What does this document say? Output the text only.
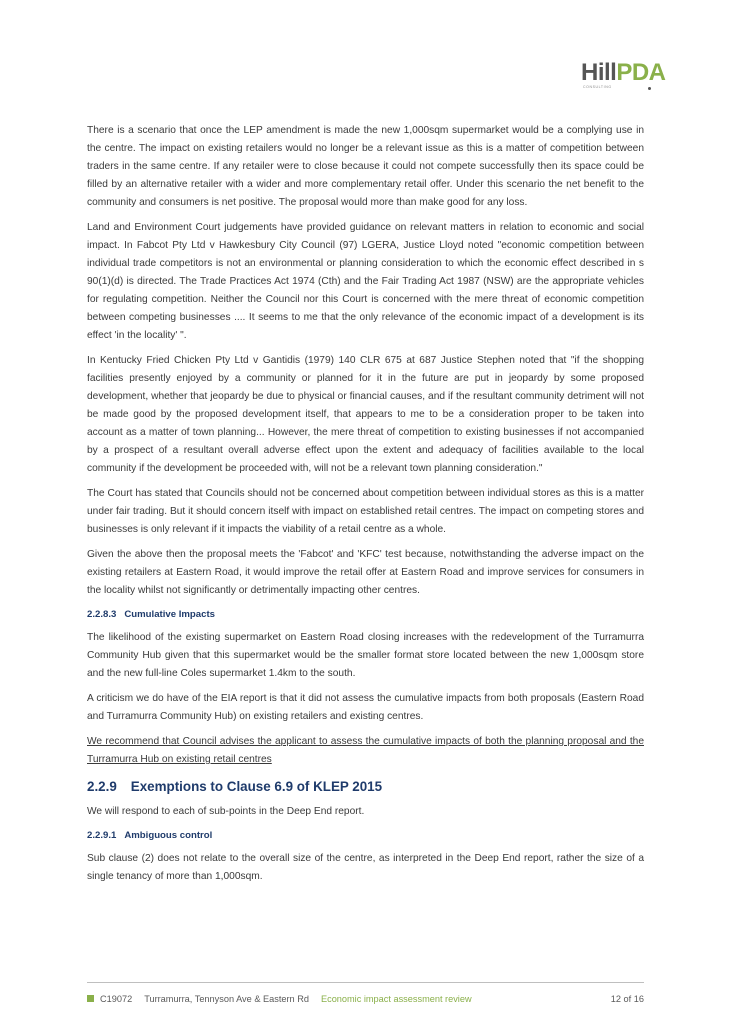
HillPDA
CONSULTING

There is a scenario that once the LEP amendment is made the new 1,000sqm supermarket would be a complying use in the centre. The impact on existing retailers would no longer be a relevant issue as this is a matter of competition between traders in the same centre. If any retailer were to close because it could not compete successfully then its space could be filled by an alternative retailer with a wider and more complementary retail offer. Under this scenario the net benefit to the community and consumers is net positive. The proposal would more than make good for any loss.

Land and Environment Court judgements have provided guidance on relevant matters in relation to economic and social impact. In Fabcot Pty Ltd v Hawkesbury City Council (97) LGERA, Justice Lloyd noted "economic competition between individual trade competitors is not an environmental or planning consideration to which the economic effect described in s 90(1)(d) is directed. The Trade Practices Act 1974 (Cth) and the Fair Trading Act 1987 (NSW) are the appropriate vehicles for regulating competition. Neither the Council nor this Court is concerned with the mere threat of economic competition between competing businesses .... It seems to me that the only relevance of the economic impact of a development is its effect 'in the locality' ".

In Kentucky Fried Chicken Pty Ltd v Gantidis (1979) 140 CLR 675 at 687 Justice Stephen noted that "if the shopping facilities presently enjoyed by a community or planned for it in the future are put in jeopardy by some proposed development, whether that jeopardy be due to physical or financial causes, and if the resultant community detriment will not be made good by the proposed development itself, that appears to me to be a consideration proper to be taken into account as a matter of town planning... However, the mere threat of competition to existing businesses if not accompanied by a prospect of a resultant overall adverse effect upon the extent and adequacy of facilities available to the local community if the development be proceeded with, will not be a relevant town planning consideration."

The Court has stated that Councils should not be concerned about competition between individual stores as this is a matter under fair trading. But it should concern itself with impact on established retail centres. The impact on competing stores and businesses is only relevant if it impacts the viability of a retail centre as a whole.

Given the above then the proposal meets the 'Fabcot' and 'KFC' test because, notwithstanding the adverse impact on the existing retailers at Eastern Road, it would improve the retail offer at Eastern Road and improve services for consumers in the locality whilst not significantly or detrimentally impacting other centres.

2.2.8.3 Cumulative Impacts

The likelihood of the existing supermarket on Eastern Road closing increases with the redevelopment of the Turramurra Community Hub given that this supermarket would be the smaller format store located between the new 1,000sqm store and the new full-line Coles supermarket 1.4km to the south.

A criticism we do have of the EIA report is that it did not assess the cumulative impacts from both proposals (Eastern Road and Turramurra Community Hub) on existing retailers and existing centres.

We recommend that Council advises the applicant to assess the cumulative impacts of both the planning proposal and the Turramurra Hub on existing retail centres

2.2.9 Exemptions to Clause 6.9 of KLEP 2015

We will respond to each of sub-points in the Deep End report.

2.2.9.1 Ambiguous control

Sub clause (2) does not relate to the overall size of the centre, as interpreted in the Deep End report, rather the size of a single tenancy of more than 1,000sqm.

C19072 Turramurra, Tennyson Ave & Eastern Rd Economic impact assessment review	12 of 16
